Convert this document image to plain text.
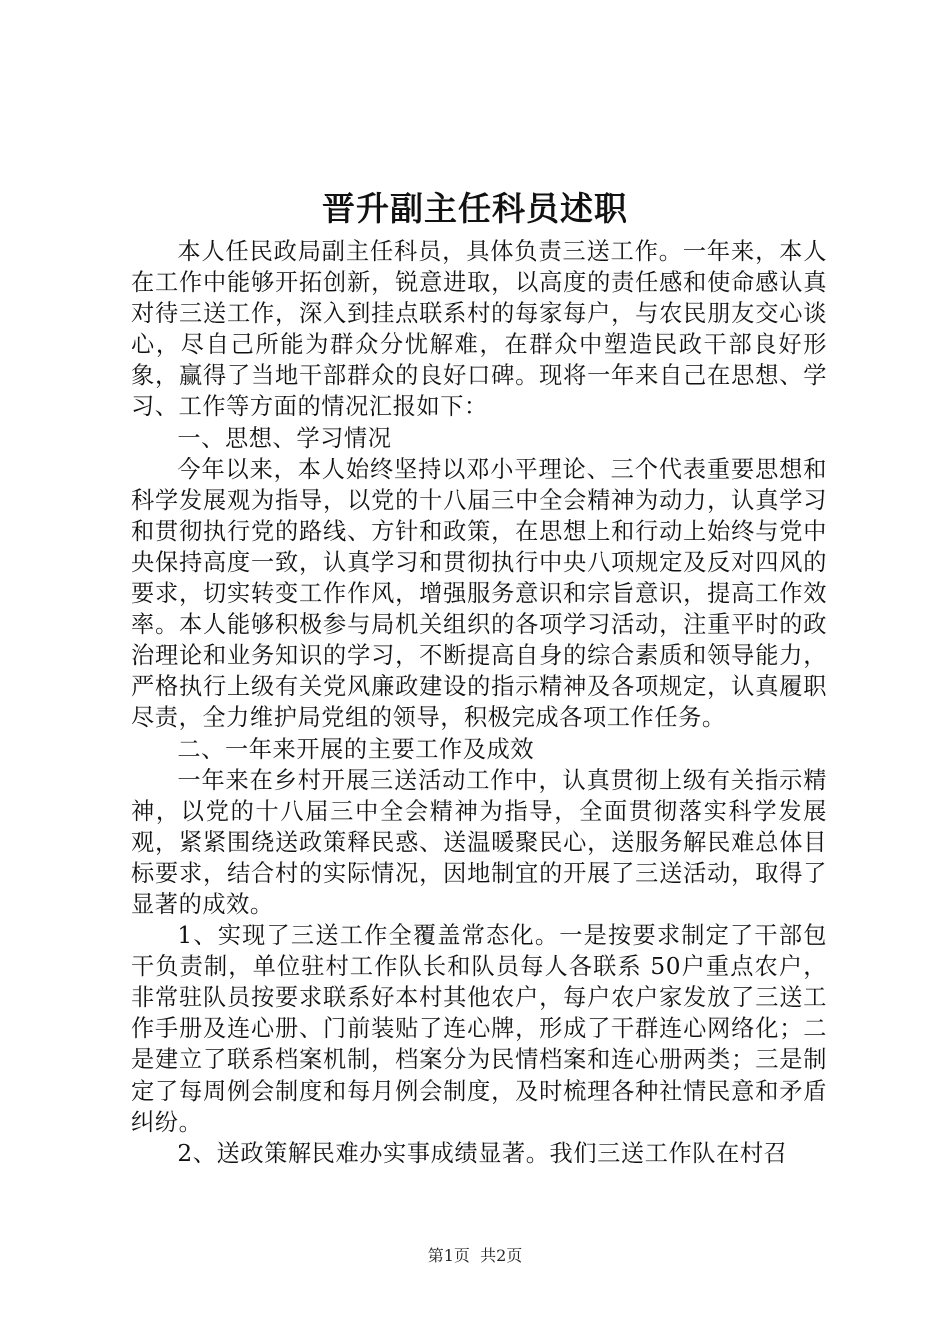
晋升副主任科员述职

本人任民政局副主任科员，具体负责三送工作。一年来，本人在工作中能够开拓创新，锐意进取，以高度的责任感和使命感认真对待三送工作，深入到挂点联系村的每家每户，与农民朋友交心谈心，尽自己所能为群众分忧解难，在群众中塑造民政干部良好形象，赢得了当地干部群众的良好口碑。现将一年来自己在思想、学习、工作等方面的情况汇报如下：

一、思想、学习情况

今年以来，本人始终坚持以邓小平理论、三个代表重要思想和科学发展观为指导，以党的十八届三中全会精神为动力，认真学习和贯彻执行党的路线、方针和政策，在思想上和行动上始终与党中央保持高度一致，认真学习和贯彻执行中央八项规定及反对四风的要求，切实转变工作作风，增强服务意识和宗旨意识，提高工作效率。本人能够积极参与局机关组织的各项学习活动，注重平时的政治理论和业务知识的学习，不断提高自身的综合素质和领导能力，严格执行上级有关党风廉政建设的指示精神及各项规定，认真履职尽责，全力维护局党组的领导，积极完成各项工作任务。

二、一年来开展的主要工作及成效

一年来在乡村开展三送活动工作中，认真贯彻上级有关指示精神，以党的十八届三中全会精神为指导，全面贯彻落实科学发展观，紧紧围绕送政策释民惑、送温暖聚民心，送服务解民难总体目标要求，结合村的实际情况，因地制宜的开展了三送活动，取得了显著的成效。

1、实现了三送工作全覆盖常态化。一是按要求制定了干部包干负责制，单位驻村工作队长和队员每人各联系 50户重点农户，非常驻队员按要求联系好本村其他农户，每户农户家发放了三送工作手册及连心册、门前装贴了连心牌，形成了干群连心网络化；二是建立了联系档案机制，档案分为民情档案和连心册两类；三是制定了每周例会制度和每月例会制度，及时梳理各种社情民意和矛盾纠纷。

2、送政策解民难办实事成绩显著。我们三送工作队在村召

第1页 共2页
